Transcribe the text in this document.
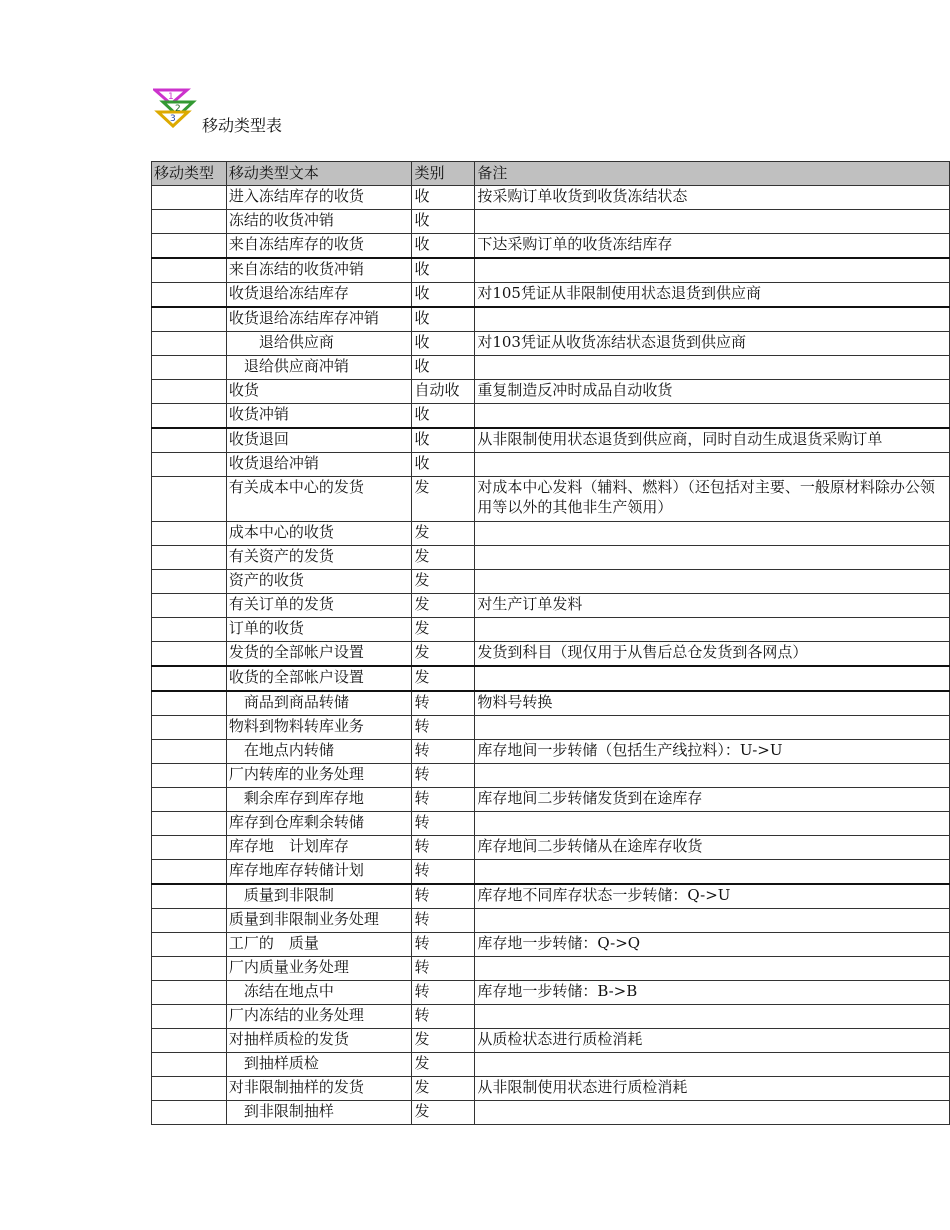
1
2
3 移动类型表
移动类型	移动类型文本	类别	备注
	进入冻结库存的收货	收	按采购订单收货到收货冻结状态
	冻结的收货冲销	收	
	来自冻结库存的收货	收	下达采购订单的收货冻结库存
	来自冻结的收货冲销	收	
	收货退给冻结库存	收	对105凭证从非限制使用状态退货到供应商
	收货退给冻结库存冲销	收	
	　　退给供应商	收	对103凭证从收货冻结状态退货到供应商
	　退给供应商冲销	收	
	收货	自动收	重复制造反冲时成品自动收货
	收货冲销	收	
	收货退回	收	从非限制使用状态退货到供应商，同时自动生成退货采购订单
	收货退给冲销	收	
	有关成本中心的发货	发	对成本中心发料（辅料、燃料）（还包括对主要、一般原材料除办公领用等以外的其他非生产领用）
	成本中心的收货	发	
	有关资产的发货	发	
	资产的收货	发	
	有关订单的发货	发	对生产订单发料
	订单的收货	发	
	发货的全部帐户设置	发	发货到科目（现仅用于从售后总仓发货到各网点）
	收货的全部帐户设置	发	
	　商品到商品转储	转	物料号转换
	物料到物料转库业务	转	
	　在地点内转储	转	库存地间一步转储（包括生产线拉料）：U->U
	厂内转库的业务处理	转	
	　剩余库存到库存地	转	库存地间二步转储发货到在途库存
	库存到仓库剩余转储	转	
	库存地　计划库存	转	库存地间二步转储从在途库存收货
	库存地库存转储计划	转	
	　质量到非限制	转	库存地不同库存状态一步转储：Q->U
	质量到非限制业务处理	转	
	工厂的　质量	转	库存地一步转储：Q->Q
	厂内质量业务处理	转	
	　冻结在地点中	转	库存地一步转储：B->B
	厂内冻结的业务处理	转	
	对抽样质检的发货	发	从质检状态进行质检消耗
	　到抽样质检	发	
	对非限制抽样的发货	发	从非限制使用状态进行质检消耗
	　到非限制抽样	发	
